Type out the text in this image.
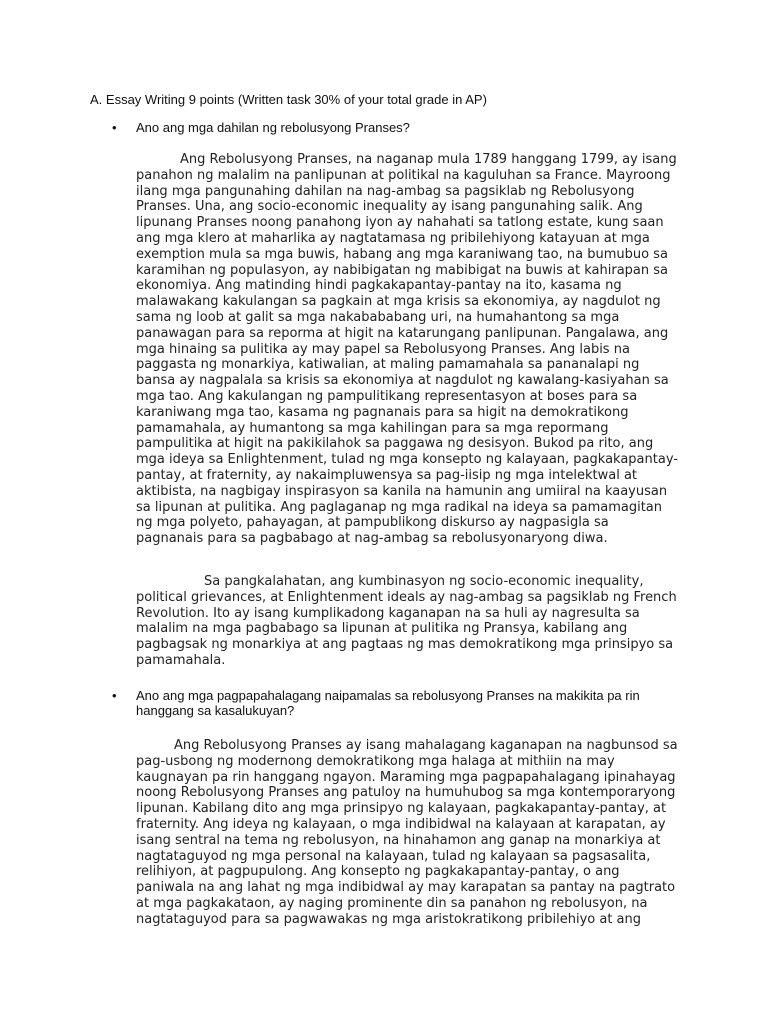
A. Essay Writing 9 points (Written task 30% of your total grade in AP)
•	Ano ang mga dahilan ng rebolusyong Pranses?

Ang Rebolusyong Pranses, na naganap mula 1789 hanggang 1799, ay isang panahon ng malalim na panlipunan at politikal na kaguluhan sa France. Mayroong ilang mga pangunahing dahilan na nag-ambag sa pagsiklab ng Rebolusyong Pranses. Una, ang socio-economic inequality ay isang pangunahing salik. Ang lipunang Pranses noong panahong iyon ay nahahati sa tatlong estate, kung saan ang mga klero at maharlika ay nagtatamasa ng pribilehiyong katayuan at mga exemption mula sa mga buwis, habang ang mga karaniwang tao, na bumubuo sa karamihan ng populasyon, ay nabibigatan ng mabibigat na buwis at kahirapan sa ekonomiya. Ang matinding hindi pagkakapantay-pantay na ito, kasama ng malawakang kakulangan sa pagkain at mga krisis sa ekonomiya, ay nagdulot ng sama ng loob at galit sa mga nakabababang uri, na humahantong sa mga panawagan para sa reporma at higit na katarungang panlipunan. Pangalawa, ang mga hinaing sa pulitika ay may papel sa Rebolusyong Pranses. Ang labis na paggasta ng monarkiya, katiwalian, at maling pamamahala sa pananalapi ng bansa ay nagpalala sa krisis sa ekonomiya at nagdulot ng kawalang-kasiyahan sa mga tao. Ang kakulangan ng pampulitikang representasyon at boses para sa karaniwang mga tao, kasama ng pagnanais para sa higit na demokratikong pamamahala, ay humantong sa mga kahilingan para sa mga repormang pampulitika at higit na pakikilahok sa paggawa ng desisyon. Bukod pa rito, ang mga ideya sa Enlightenment, tulad ng mga konsepto ng kalayaan, pagkakapantay-pantay, at fraternity, ay nakaimpluwensya sa pag-iisip ng mga intelektwal at aktibista, na nagbigay inspirasyon sa kanila na hamunin ang umiiral na kaayusan sa lipunan at pulitika. Ang paglaganap ng mga radikal na ideya sa pamamagitan ng mga polyeto, pahayagan, at pampublikong diskurso ay nagpasigla sa pagnanais para sa pagbabago at nag-ambag sa rebolusyonaryong diwa.

Sa pangkalahatan, ang kumbinasyon ng socio-economic inequality, political grievances, at Enlightenment ideals ay nag-ambag sa pagsiklab ng French Revolution. Ito ay isang kumplikadong kaganapan na sa huli ay nagresulta sa malalim na mga pagbabago sa lipunan at pulitika ng Pransya, kabilang ang pagbagsak ng monarkiya at ang pagtaas ng mas demokratikong mga prinsipyo sa pamamahala.

•	Ano ang mga pagpapahalagang naipamalas sa rebolusyong Pranses na makikita pa rin hanggang sa kasalukuyan?

Ang Rebolusyong Pranses ay isang mahalagang kaganapan na nagbunsod sa pag-usbong ng modernong demokratikong mga halaga at mithiin na may kaugnayan pa rin hanggang ngayon. Maraming mga pagpapahalagang ipinahayag noong Rebolusyong Pranses ang patuloy na humuhubog sa mga kontemporaryong lipunan. Kabilang dito ang mga prinsipyo ng kalayaan, pagkakapantay-pantay, at fraternity. Ang ideya ng kalayaan, o mga indibidwal na kalayaan at karapatan, ay isang sentral na tema ng rebolusyon, na hinahamon ang ganap na monarkiya at nagtataguyod ng mga personal na kalayaan, tulad ng kalayaan sa pagsasalita, relihiyon, at pagpupulong. Ang konsepto ng pagkakapantay-pantay, o ang paniwala na ang lahat ng mga indibidwal ay may karapatan sa pantay na pagtrato at mga pagkakataon, ay naging prominente din sa panahon ng rebolusyon, na nagtataguyod para sa pagwawakas ng mga aristokratikong pribilehiyo at ang
